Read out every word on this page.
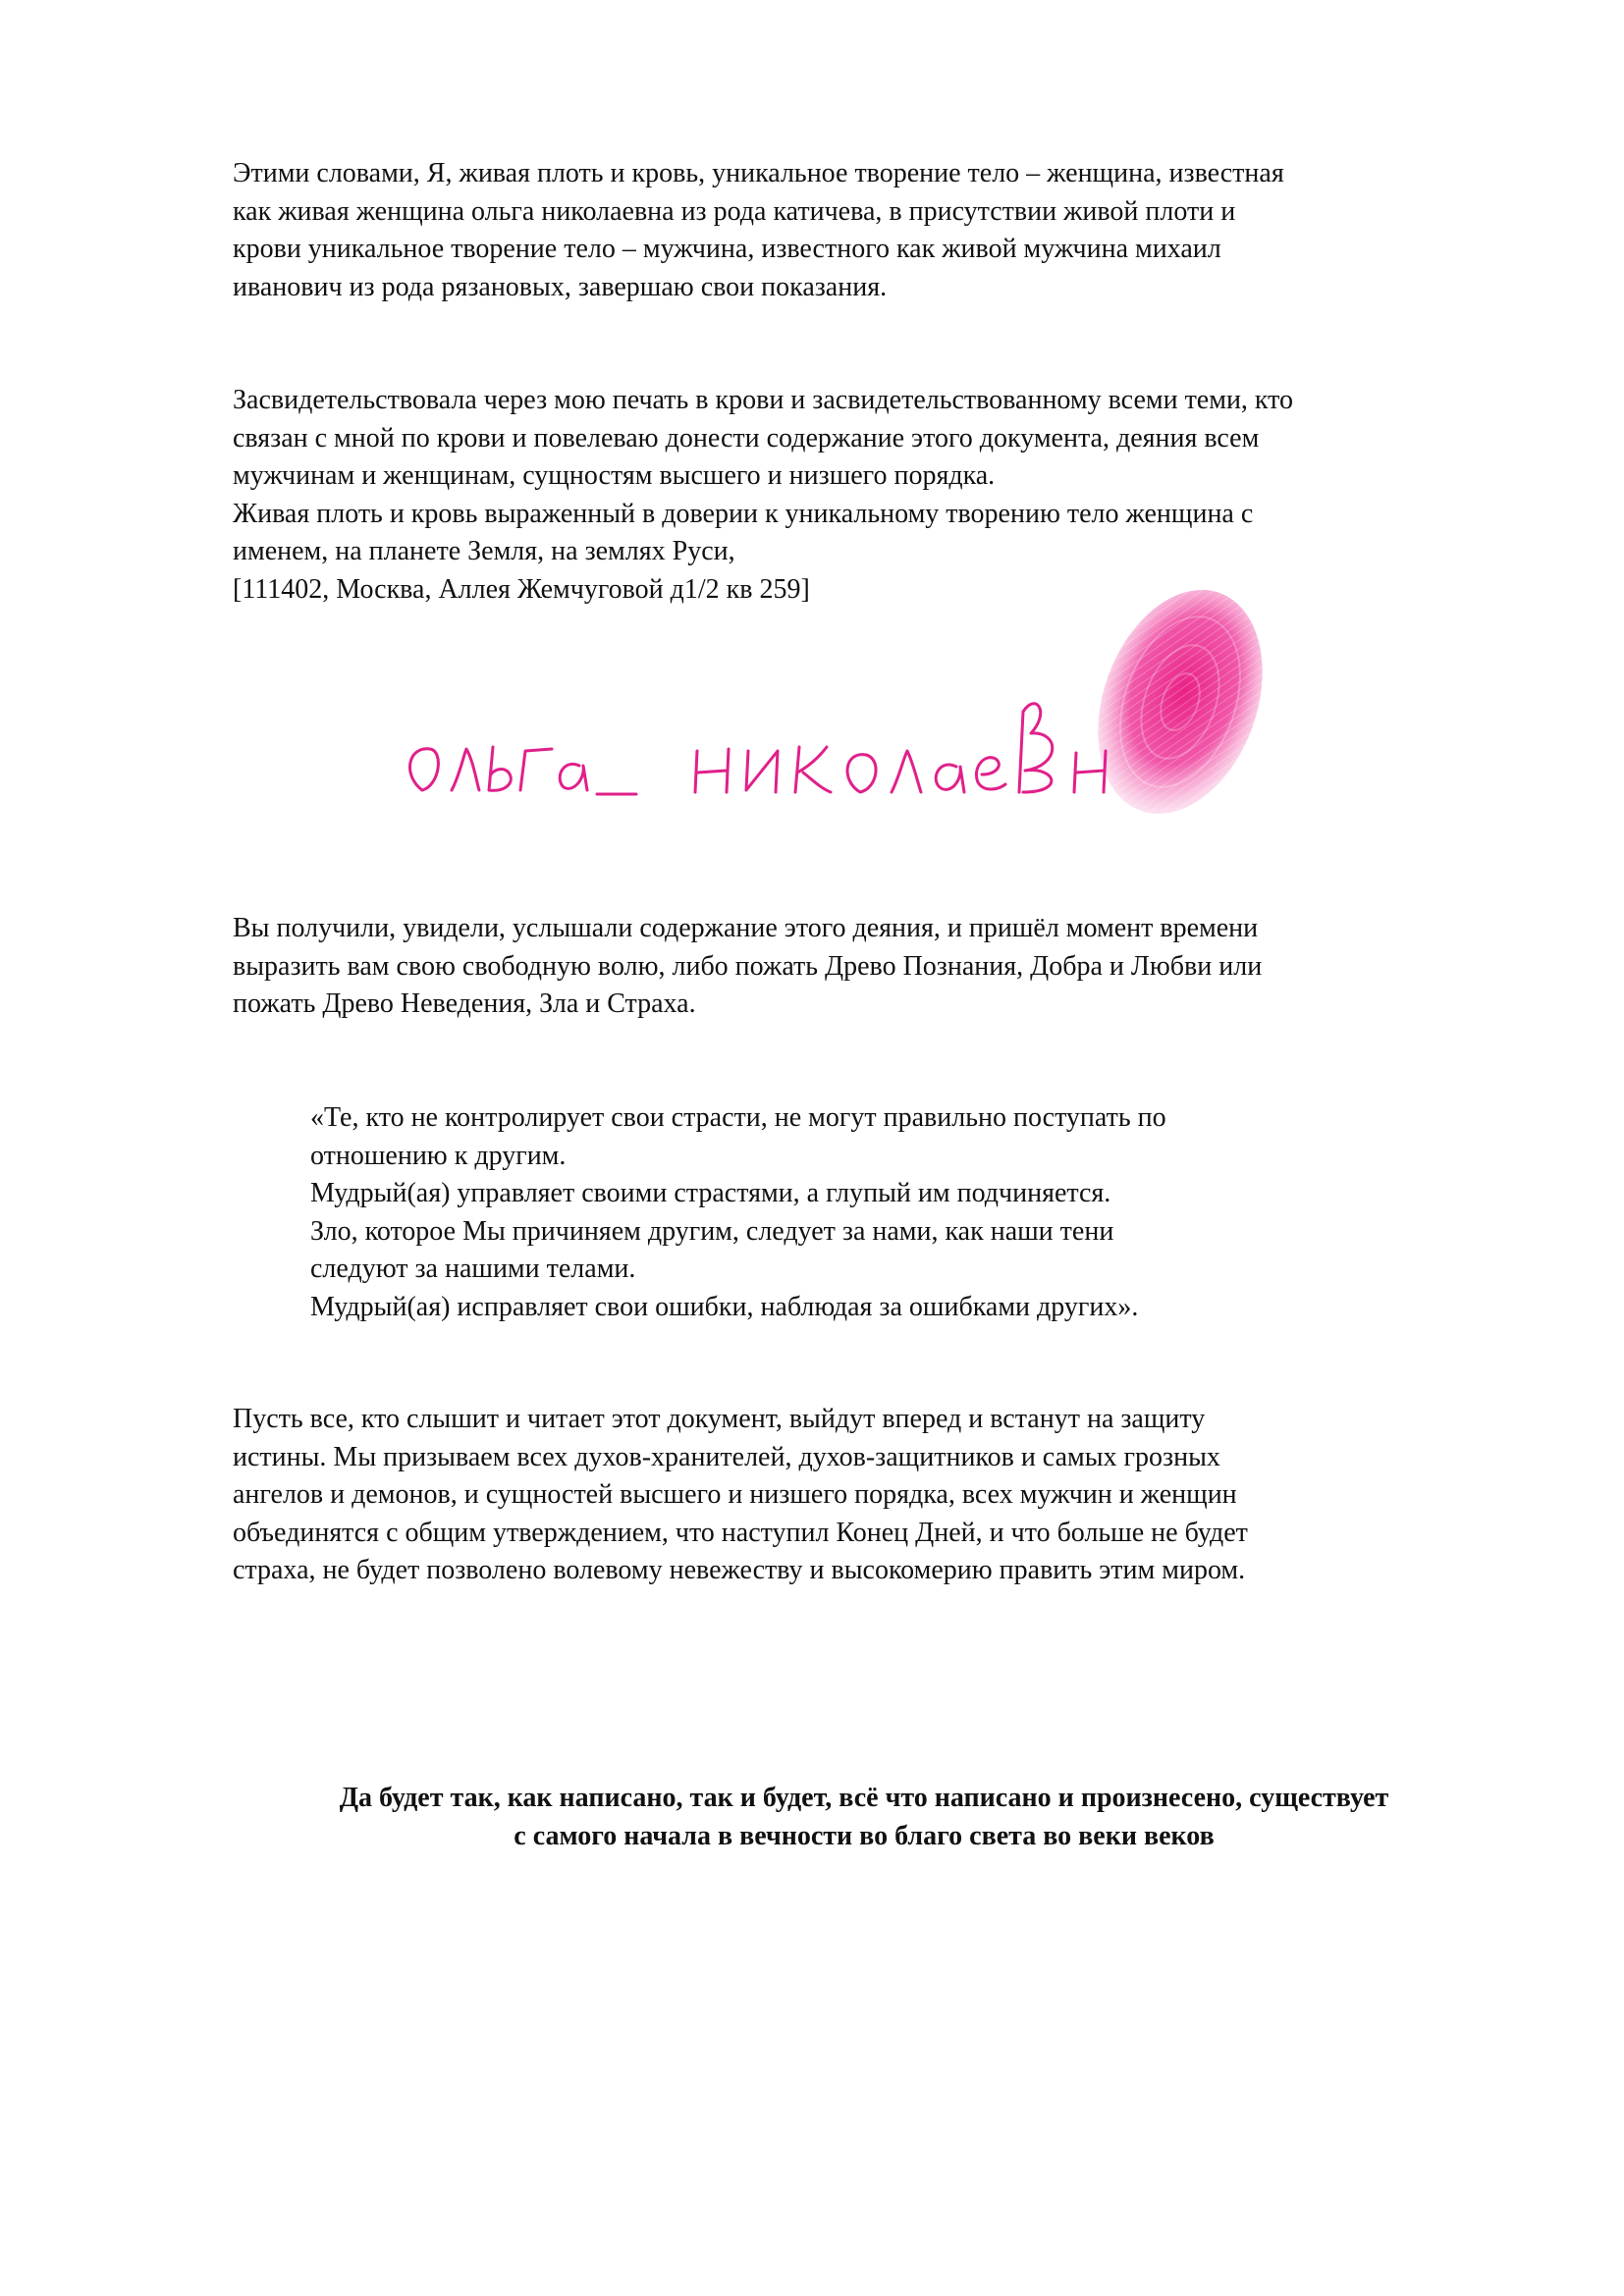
Этими словами, Я, живая плоть и кровь, уникальное творение тело – женщина, известная
как живая женщина ольга николаевна из рода катичева, в присутствии живой плоти и
крови уникальное творение тело – мужчина, известного как живой мужчина михаил
иванович из рода рязановых, завершаю свои показания.

Засвидетельствовала через мою печать в крови и засвидетельствованному всеми теми, кто
связан с мной по крови и повелеваю донести содержание этого документа, деяния всем
мужчинам и женщинам, сущностям высшего и низшего порядка.
Живая плоть и кровь выраженный в доверии к уникальному творению тело женщина с
именем, на планете Земля, на землях Руси,
[111402, Москва, Аллея Жемчуговой д1/2 кв 259]

Вы получили, увидели, услышали содержание этого деяния, и пришёл момент времени
выразить вам свою свободную волю, либо пожать Древо Познания, Добра и Любви или
пожать Древо Неведения, Зла и Страха.

«Те, кто не контролирует свои страсти, не могут правильно поступать по
отношению к другим.
Мудрый(ая) управляет своими страстями, а глупый им подчиняется.
Зло, которое Мы причиняем другим, следует за нами, как наши тени
следуют за нашими телами.
Мудрый(ая) исправляет свои ошибки, наблюдая за ошибками других».

Пусть все, кто слышит и читает этот документ, выйдут вперед и встанут на защиту
истины. Мы призываем всех духов-хранителей, духов-защитников и самых грозных
ангелов и демонов, и сущностей высшего и низшего порядка, всех мужчин и женщин
объединятся с общим утверждением, что наступил Конец Дней, и что больше не будет
страха, не будет позволено волевому невежеству и высокомерию править этим миром.

Да будет так, как написано, так и будет, всё что написано и произнесено, существует
с самого начала в вечности во благо света во веки веков
